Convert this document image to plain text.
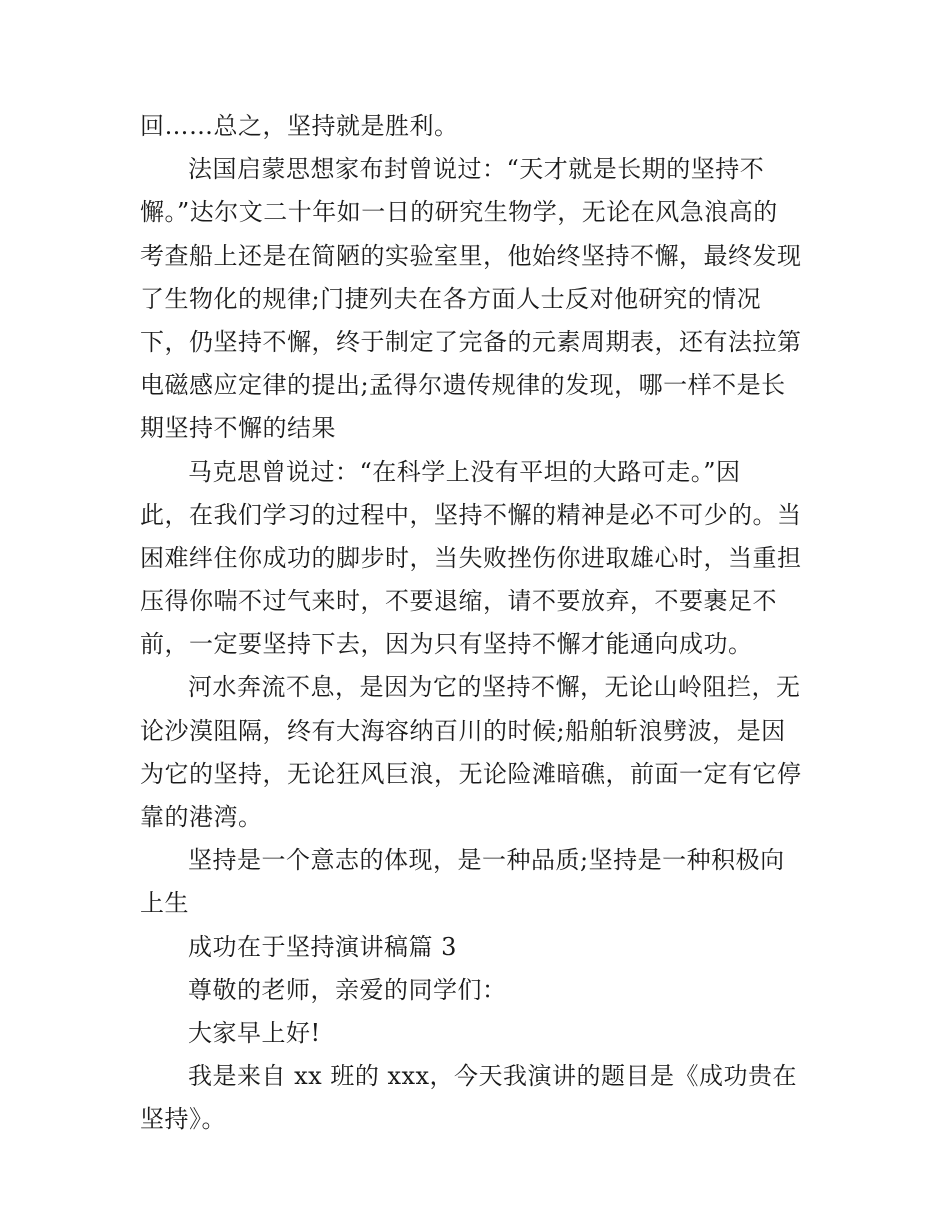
回……总之，坚持就是胜利。
法国启蒙思想家布封曾说过：“天才就是长期的坚持不
懈。”达尔文二十年如一日的研究生物学，无论在风急浪高的
考查船上还是在简陋的实验室里，他始终坚持不懈，最终发现
了生物化的规律;门捷列夫在各方面人士反对他研究的情况
下，仍坚持不懈，终于制定了完备的元素周期表，还有法拉第
电磁感应定律的提出;孟得尔遗传规律的发现，哪一样不是长
期坚持不懈的结果
马克思曾说过：“在科学上没有平坦的大路可走。”因
此，在我们学习的过程中，坚持不懈的精神是必不可少的。当
困难绊住你成功的脚步时，当失败挫伤你进取雄心时，当重担
压得你喘不过气来时，不要退缩，请不要放弃，不要裹足不
前，一定要坚持下去，因为只有坚持不懈才能通向成功。
河水奔流不息，是因为它的坚持不懈，无论山岭阻拦，无
论沙漠阻隔，终有大海容纳百川的时候;船舶斩浪劈波，是因
为它的坚持，无论狂风巨浪，无论险滩暗礁，前面一定有它停
靠的港湾。
坚持是一个意志的体现，是一种品质;坚持是一种积极向
上生
成功在于坚持演讲稿篇 3
尊敬的老师，亲爱的同学们：
大家早上好!
我是来自 xx 班的 xxx，今天我演讲的题目是《成功贵在
坚持》。
